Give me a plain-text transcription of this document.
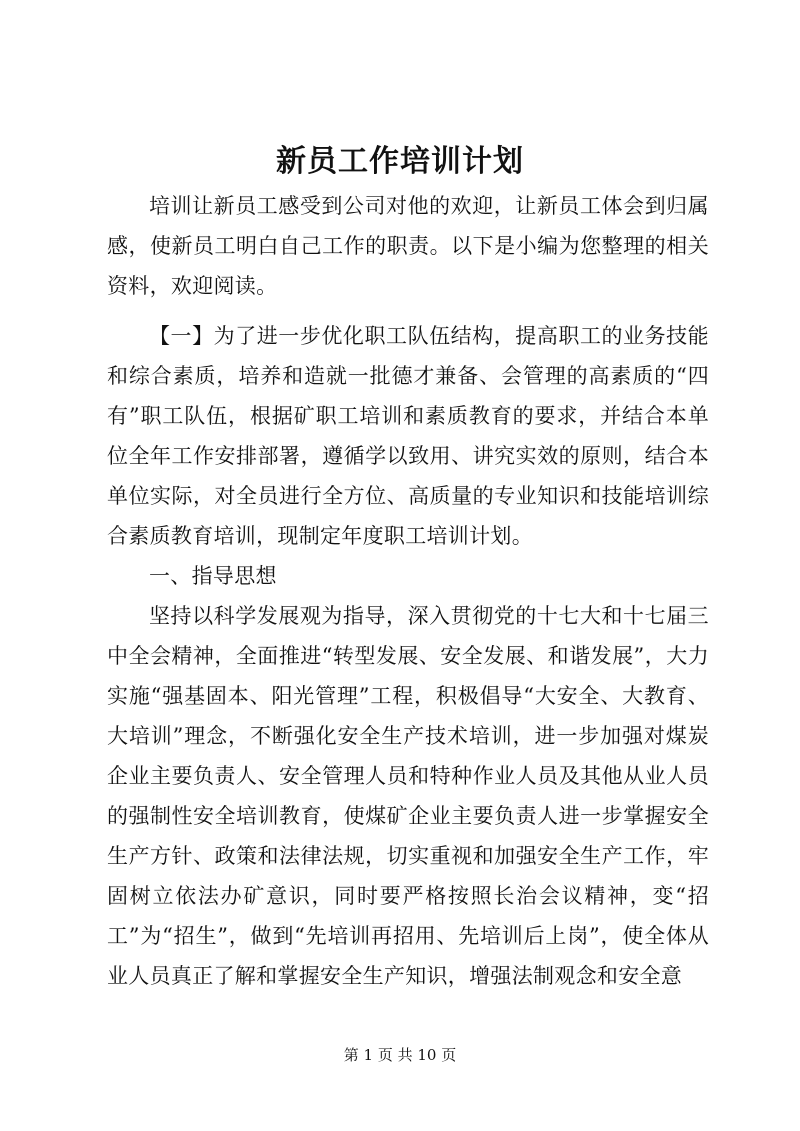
新员工作培训计划

培训让新员工感受到公司对他的欢迎，让新员工体会到归属感，使新员工明白自己工作的职责。以下是小编为您整理的相关资料，欢迎阅读。

【一】为了进一步优化职工队伍结构，提高职工的业务技能和综合素质，培养和造就一批德才兼备、会管理的高素质的“四有”职工队伍，根据矿职工培训和素质教育的要求，并结合本单位全年工作安排部署，遵循学以致用、讲究实效的原则，结合本单位实际，对全员进行全方位、高质量的专业知识和技能培训综合素质教育培训，现制定年度职工培训计划。

一、指导思想

坚持以科学发展观为指导，深入贯彻党的十七大和十七届三中全会精神，全面推进“转型发展、安全发展、和谐发展”，大力实施“强基固本、阳光管理”工程，积极倡导“大安全、大教育、大培训”理念，不断强化安全生产技术培训，进一步加强对煤炭企业主要负责人、安全管理人员和特种作业人员及其他从业人员的强制性安全培训教育，使煤矿企业主要负责人进一步掌握安全生产方针、政策和法律法规，切实重视和加强安全生产工作，牢固树立依法办矿意识，同时要严格按照长治会议精神，变“招工”为“招生”，做到“先培训再招用、先培训后上岗”，使全体从业人员真正了解和掌握安全生产知识，增强法制观念和安全意

第 1 页 共 10 页
